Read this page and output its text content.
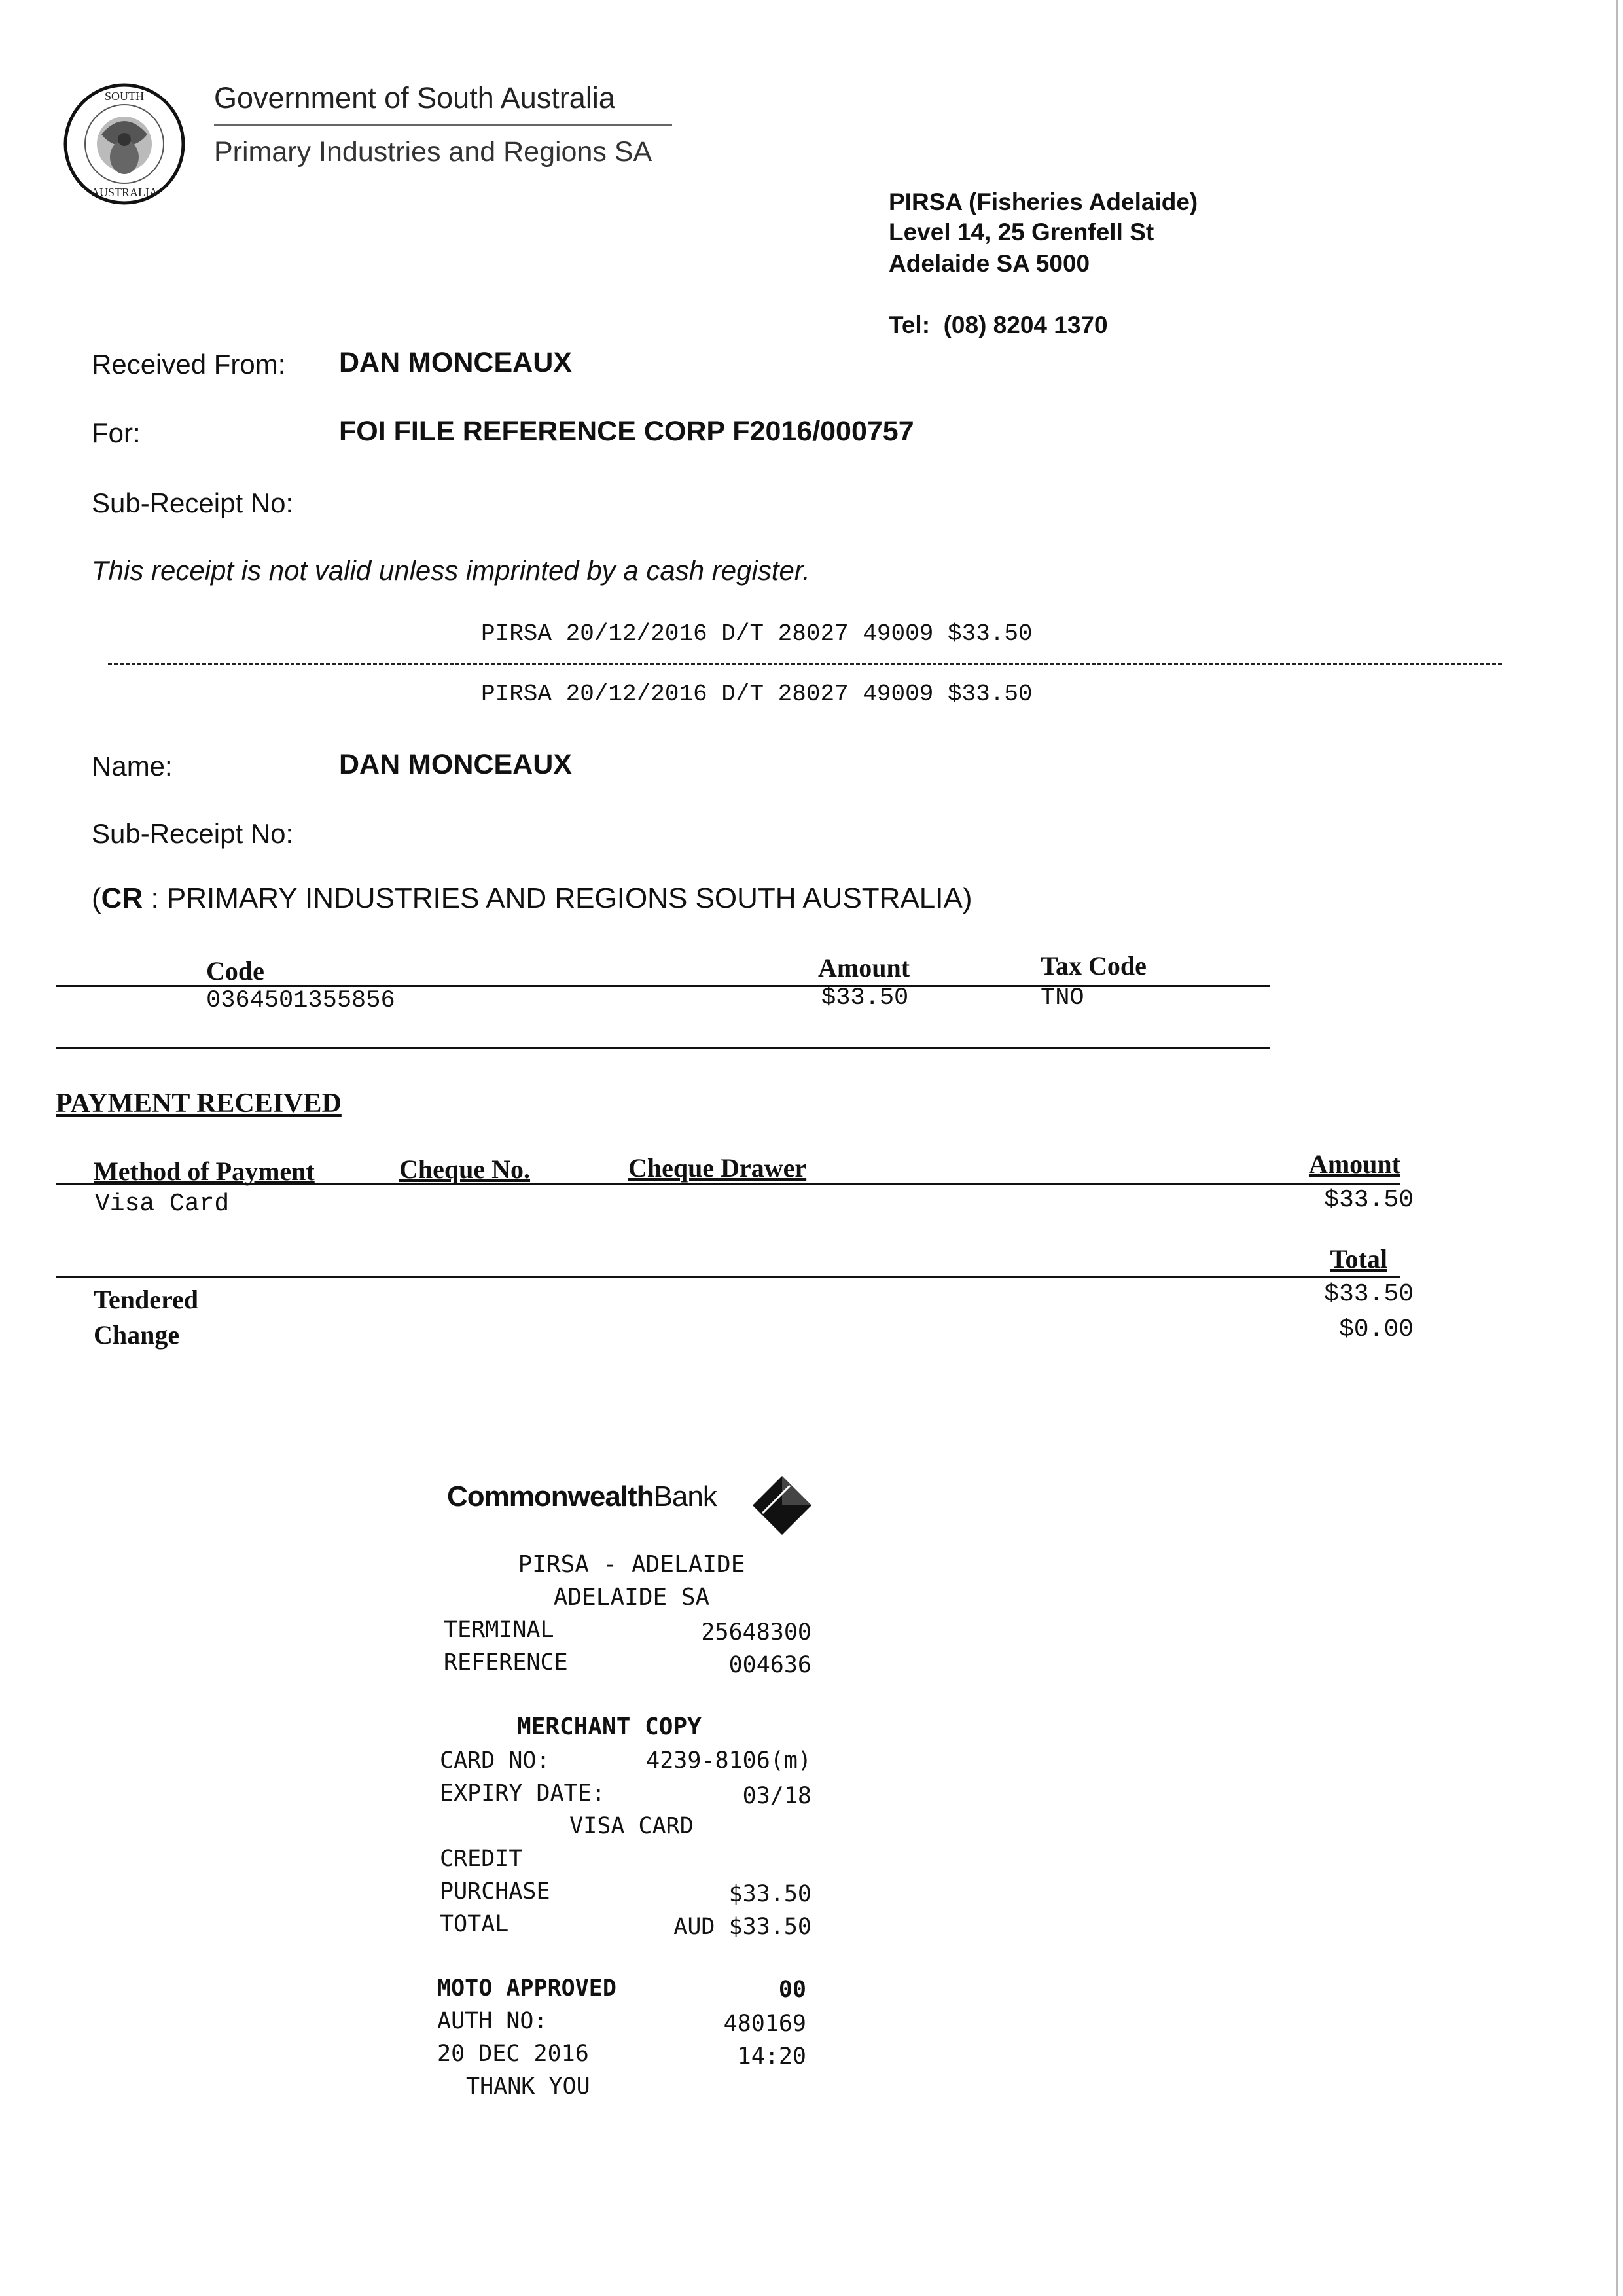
SOUTH
AUSTRALIA
Government of South Australia
Primary Industries and Regions SA
PIRSA (Fisheries Adelaide)
Level 14, 25 Grenfell St
Adelaide SA 5000
Tel: (08) 8204 1370
Received From: DAN MONCEAUX
For:	FOI FILE REFERENCE CORP F2016/000757
Sub-Receipt No:
This receipt is not valid unless imprinted by a cash register.
PIRSA 20/12/2016 D/T 28027 49009 $33.50
PIRSA 20/12/2016 D/T 28027 49009 $33.50
Name:	DAN MONCEAUX
Sub-Receipt No:
(CR : PRIMARY INDUSTRIES AND REGIONS SOUTH AUSTRALIA)
Code	Amount	Tax Code
0364501355856	$33.50	TNO
PAYMENT RECEIVED
Method of Payment	Cheque No.	Cheque Drawer	Amount
Visa Card	$33.50
Total
Tendered	$33.50
Change	$0.00
CommonwealthBank
PIRSA - ADELAIDE
ADELAIDE SA
TERMINAL	25648300
REFERENCE	004636
MERCHANT COPY
CARD NO:	4239-8106(m)
EXPIRY DATE:	03/18
VISA CARD
CREDIT
PURCHASE	$33.50
TOTAL	AUD $33.50
MOTO APPROVED	00
AUTH NO:	480169
20 DEC 2016	14:20
THANK YOU
